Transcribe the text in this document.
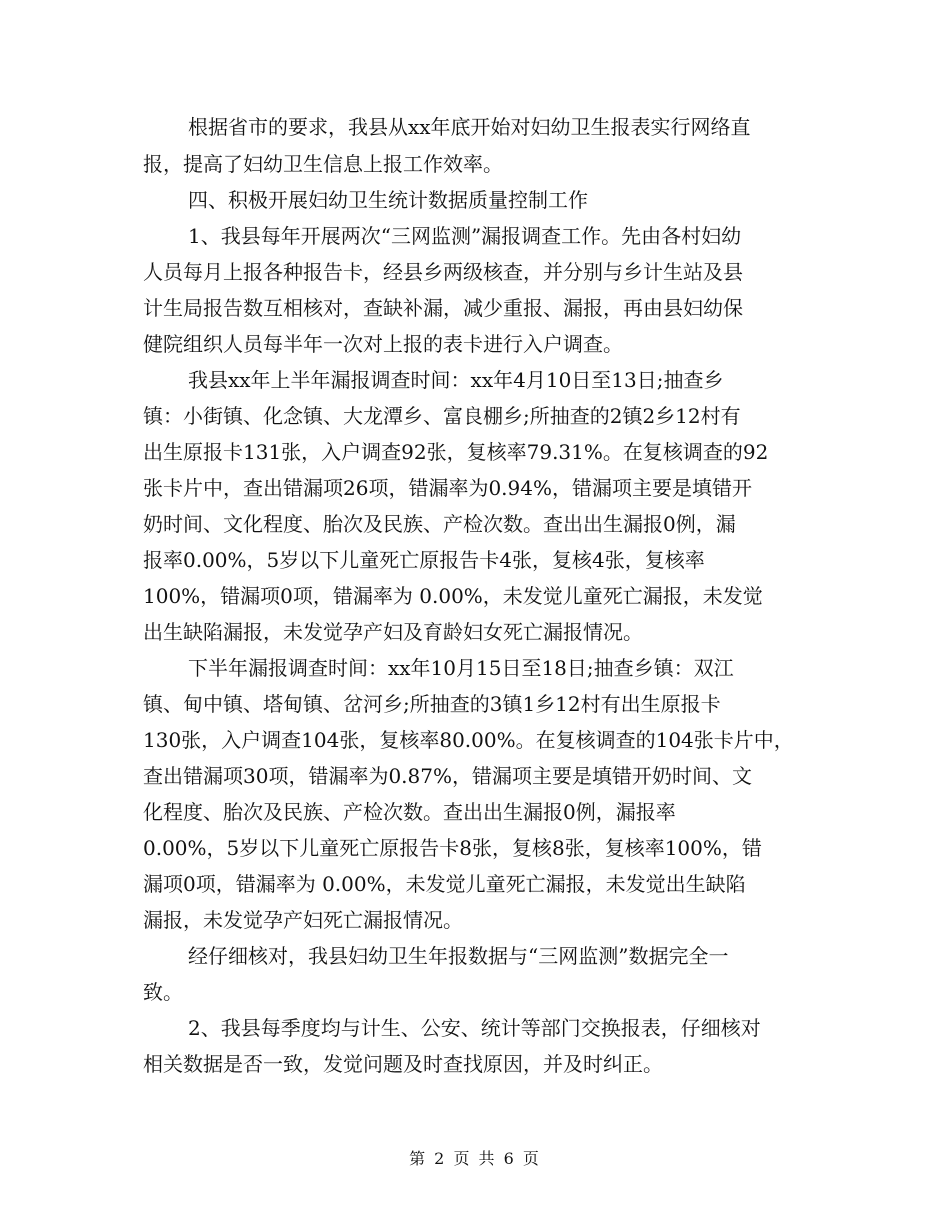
根据省市的要求，我县从xx年底开始对妇幼卫生报表实行网络直
报，提高了妇幼卫生信息上报工作效率。
四、积极开展妇幼卫生统计数据质量控制工作
1、我县每年开展两次“三网监测”漏报调查工作。先由各村妇幼
人员每月上报各种报告卡，经县乡两级核查，并分别与乡计生站及县
计生局报告数互相核对，查缺补漏，减少重报、漏报，再由县妇幼保
健院组织人员每半年一次对上报的表卡进行入户调查。
我县xx年上半年漏报调查时间：xx年4月10日至13日;抽查乡
镇：小街镇、化念镇、大龙潭乡、富良棚乡;所抽查的2镇2乡12村有
出生原报卡131张，入户调查92张，复核率79.31%。在复核调查的92
张卡片中，查出错漏项26项，错漏率为0.94%，错漏项主要是填错开
奶时间、文化程度、胎次及民族、产检次数。查出出生漏报0例，漏
报率0.00%，5岁以下儿童死亡原报告卡4张，复核4张，复核率
100%，错漏项0项，错漏率为 0.00%，未发觉儿童死亡漏报，未发觉
出生缺陷漏报，未发觉孕产妇及育龄妇女死亡漏报情况。
下半年漏报调查时间：xx年10月15日至18日;抽查乡镇：双江
镇、甸中镇、塔甸镇、岔河乡;所抽查的3镇1乡12村有出生原报卡
130张，入户调查104张，复核率80.00%。在复核调查的104张卡片中，
查出错漏项30项，错漏率为0.87%，错漏项主要是填错开奶时间、文
化程度、胎次及民族、产检次数。查出出生漏报0例，漏报率
0.00%，5岁以下儿童死亡原报告卡8张，复核8张，复核率100%，错
漏项0项，错漏率为 0.00%，未发觉儿童死亡漏报，未发觉出生缺陷
漏报，未发觉孕产妇死亡漏报情况。
经仔细核对，我县妇幼卫生年报数据与“三网监测”数据完全一
致。
2、我县每季度均与计生、公安、统计等部门交换报表，仔细核对
相关数据是否一致，发觉问题及时查找原因，并及时纠正。
第 2 页 共 6 页
